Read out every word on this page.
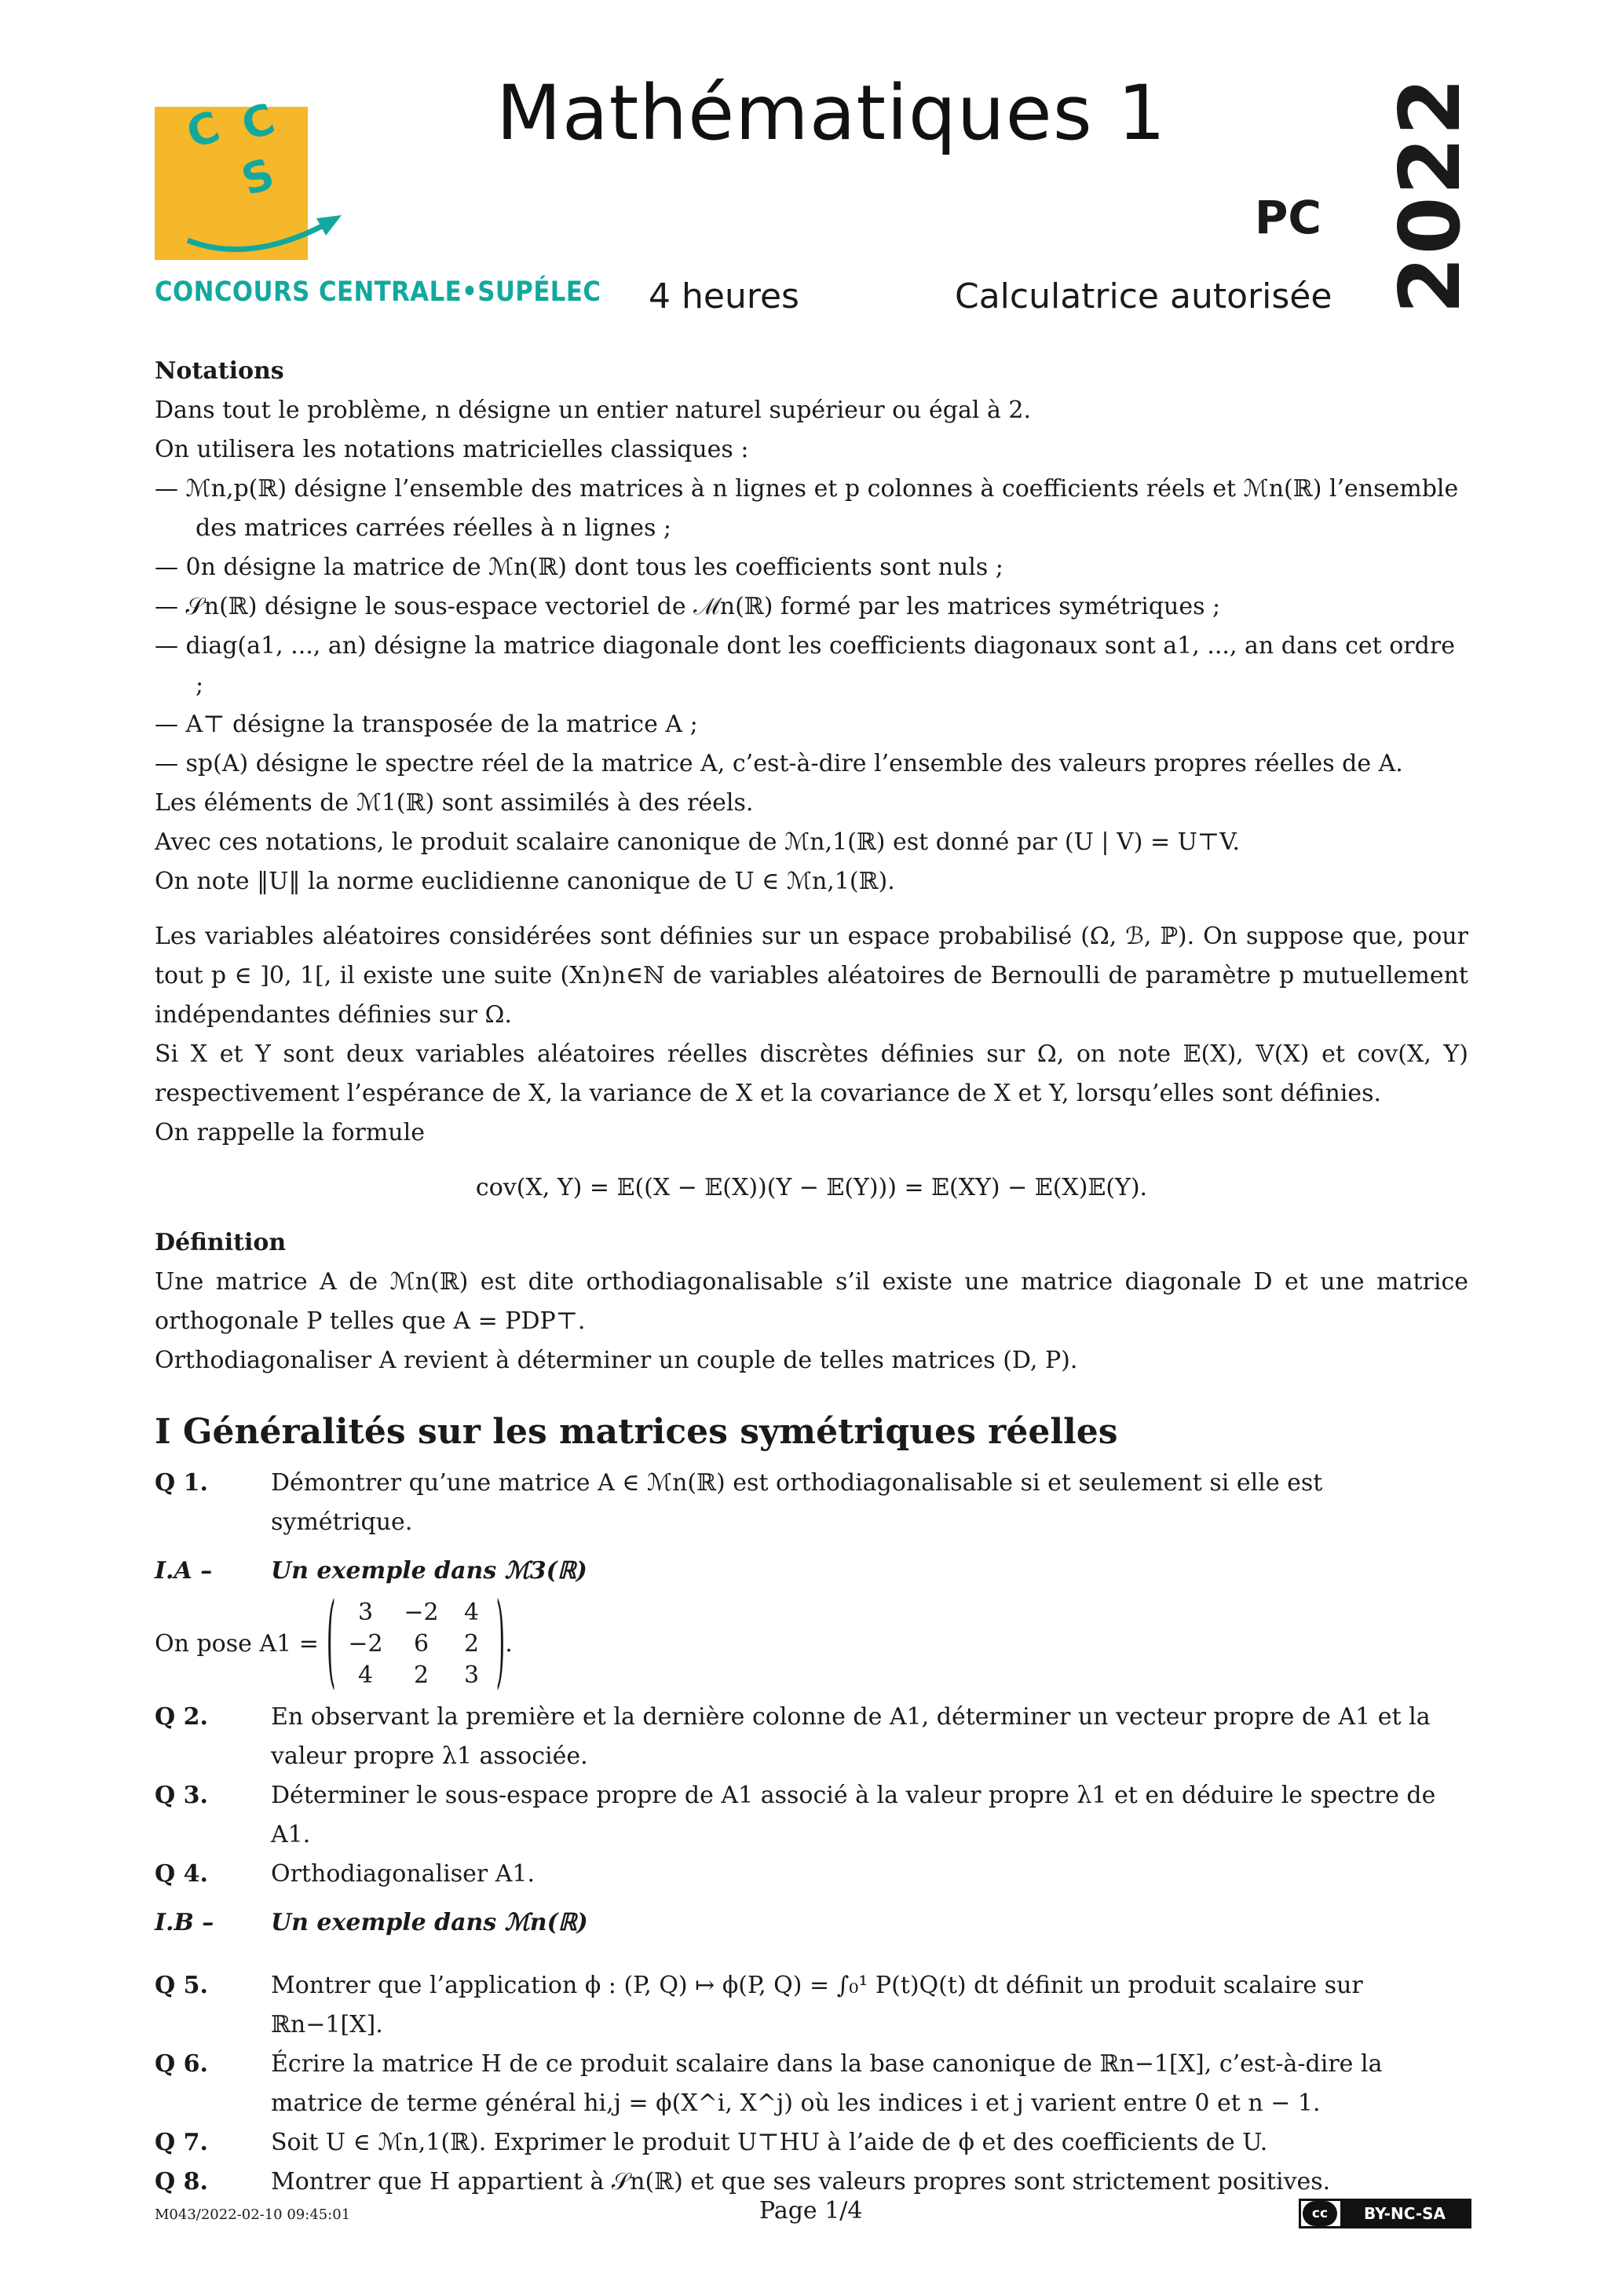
C C
S
CONCOURS CENTRALE•SUPÉLEC
Mathématiques 1
PC
4 heures	Calculatrice autorisée 2022

Notations

Dans tout le problème, n désigne un entier naturel supérieur ou égal à 2.

On utilisera les notations matricielles classiques :

— ℳn,p(ℝ) désigne l’ensemble des matrices à n lignes et p colonnes à coefficients réels et ℳn(ℝ) l’ensemble des matrices carrées réelles à n lignes ;

— 0n désigne la matrice de ℳn(ℝ) dont tous les coefficients sont nuls ;

— 𝒮n(ℝ) désigne le sous-espace vectoriel de ℳn(ℝ) formé par les matrices symétriques ;

— diag(a1, ..., an) désigne la matrice diagonale dont les coefficients diagonaux sont a1, ..., an dans cet ordre ;

— A⊤ désigne la transposée de la matrice A ;

— sp(A) désigne le spectre réel de la matrice A, c’est-à-dire l’ensemble des valeurs propres réelles de A.

Les éléments de ℳ1(ℝ) sont assimilés à des réels.

Avec ces notations, le produit scalaire canonique de ℳn,1(ℝ) est donné par (U | V) = U⊤V.

On note ‖U‖ la norme euclidienne canonique de U ∈ ℳn,1(ℝ).

Les variables aléatoires considérées sont définies sur un espace probabilisé (Ω, ℬ, ℙ). On suppose que, pour tout p ∈ ]0, 1[, il existe une suite (Xn)n∈ℕ de variables aléatoires de Bernoulli de paramètre p mutuellement indépendantes définies sur Ω.

Si X et Y sont deux variables aléatoires réelles discrètes définies sur Ω, on note 𝔼(X), 𝕍(X) et cov(X, Y) respectivement l’espérance de X, la variance de X et la covariance de X et Y, lorsqu’elles sont définies.

On rappelle la formule

cov(X, Y) = 𝔼((X − 𝔼(X))(Y − 𝔼(Y))) = 𝔼(XY) − 𝔼(X)𝔼(Y).

Définition

Une matrice A de ℳn(ℝ) est dite orthodiagonalisable s’il existe une matrice diagonale D et une matrice orthogonale P telles que A = PDP⊤.

Orthodiagonaliser A revient à déterminer un couple de telles matrices (D, P).

I Généralités sur les matrices symétriques réelles

Q 1.	Démontrer qu’une matrice A ∈ ℳn(ℝ) est orthodiagonalisable si et seulement si elle est symétrique.

I.A – Un exemple dans ℳ3(ℝ)

On pose A1 = ( 3	−2	4
−2	6	2
4	2	3 ) .
Q 2.	En observant la première et la dernière colonne de A1, déterminer un vecteur propre de A1 et la valeur propre λ1 associée.
Q 3.	Déterminer le sous-espace propre de A1 associé à la valeur propre λ1 et en déduire le spectre de A1.
Q 4.	Orthodiagonaliser A1.

I.B – Un exemple dans ℳn(ℝ)

Q 5.	Montrer que l’application ϕ : (P, Q) ↦ ϕ(P, Q) = ∫₀¹ P(t)Q(t) dt définit un produit scalaire sur ℝn−1[X].
Q 6.	Écrire la matrice H de ce produit scalaire dans la base canonique de ℝn−1[X], c’est-à-dire la matrice de terme général hi,j = ϕ(X^i, X^j) où les indices i et j varient entre 0 et n − 1.
Q 7.	Soit U ∈ ℳn,1(ℝ). Exprimer le produit U⊤HU à l’aide de ϕ et des coefficients de U.
Q 8.	Montrer que H appartient à 𝒮n(ℝ) et que ses valeurs propres sont strictement positives.
M043/2022-02-10 09:45:01	Page 1/4	cc	BY-NC-SA
